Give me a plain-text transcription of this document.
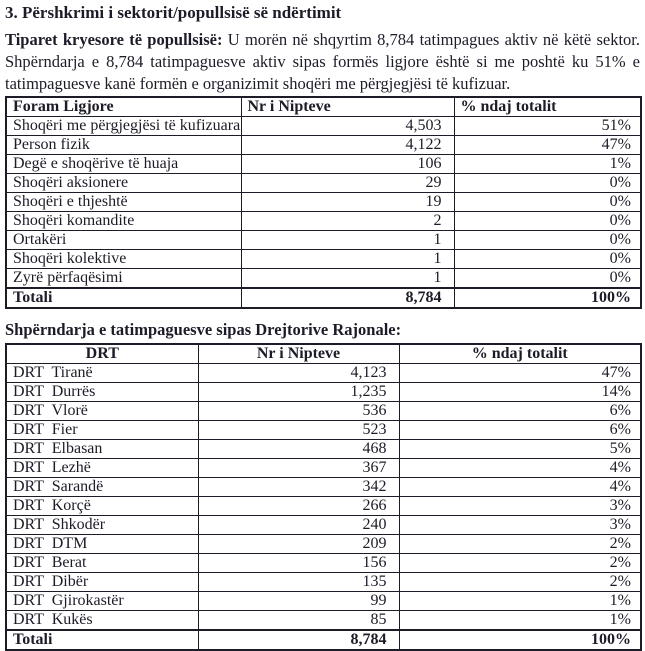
3. Përshkrimi i sektorit/popullsisë së ndërtimit

Tiparet kryesore të popullsisë: U morën në shqyrtim 8,784 tatimpagues aktiv në këtë sektor. Shpërndarja e 8,784 tatimpaguesve aktiv sipas formës ligjore është si me poshtë ku 51% e tatimpaguesve kanë formën e organizimit shoqëri me përgjegjësi të kufizuar.

Foram Ligjore	Nr i Nipteve	% ndaj totalit
Shoqëri me përgjegjësi të kufizuara	4,503	51%
Person fizik	4,122	47%
Degë e shoqërive të huaja	106	1%
Shoqëri aksionere	29	0%
Shoqëri e thjeshtë	19	0%
Shoqëri komandite	2	0%
Ortakëri	1	0%
Shoqëri kolektive	1	0%
Zyrë përfaqësimi	1	0%
Totali	8,784	100%
Shpërndarja e tatimpaguesve sipas Drejtorive Rajonale:
DRT	Nr i Nipteve	% ndaj totalit
DRT  Tiranë	4,123	47%
DRT  Durrës	1,235	14%
DRT  Vlorë	536	6%
DRT  Fier	523	6%
DRT  Elbasan	468	5%
DRT  Lezhë	367	4%
DRT  Sarandë	342	4%
DRT  Korçë	266	3%
DRT  Shkodër	240	3%
DRT  DTM	209	2%
DRT  Berat	156	2%
DRT  Dibër	135	2%
DRT  Gjirokastër	99	1%
DRT  Kukës	85	1%
Totali	8,784	100%
